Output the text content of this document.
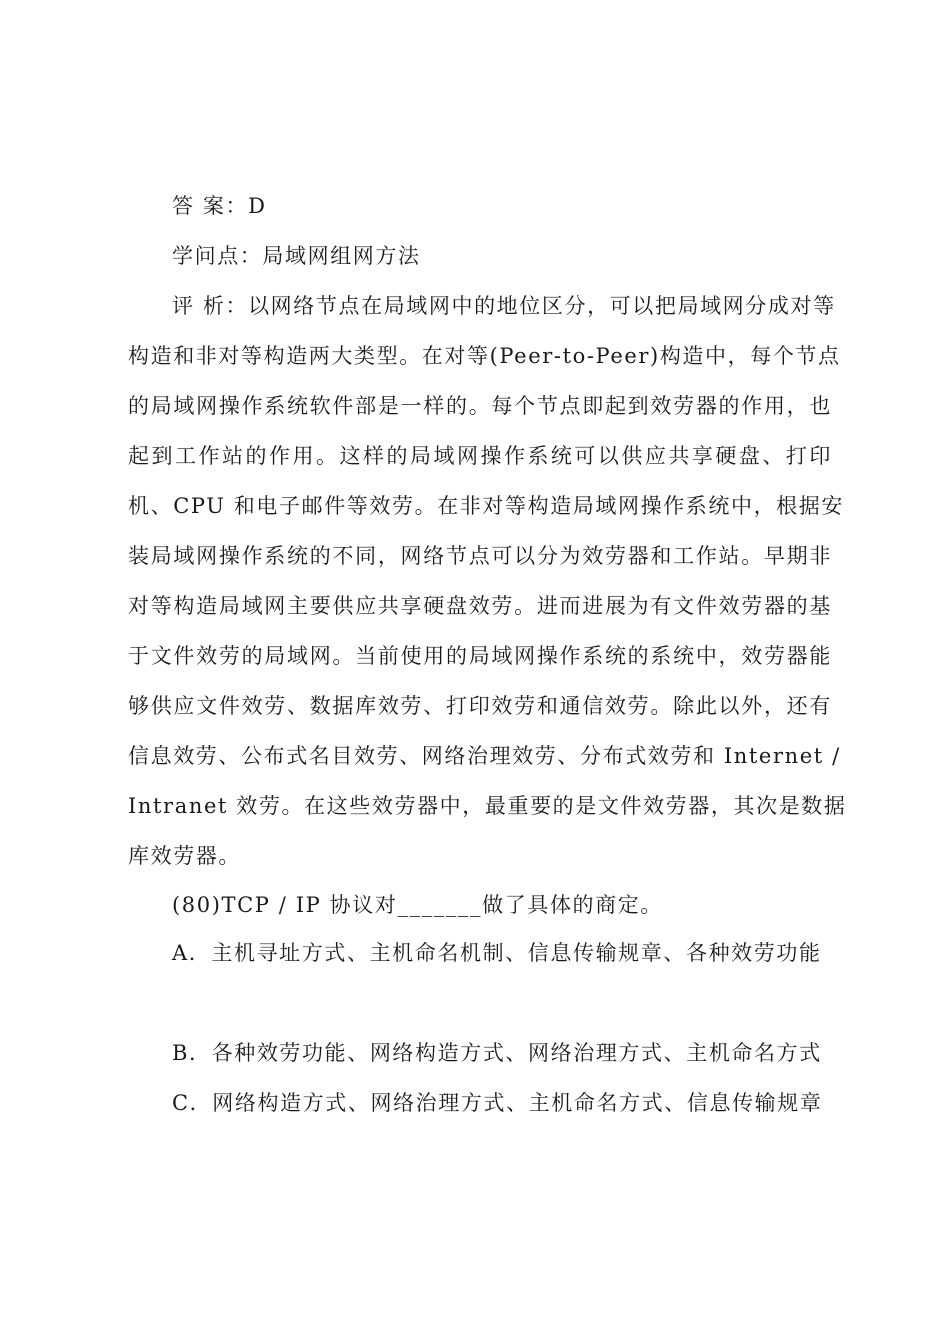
答 案：D
学问点：局域网组网方法
评 析：以网络节点在局域网中的地位区分，可以把局域网分成对等
构造和非对等构造两大类型。在对等(Peer-to-Peer)构造中，每个节点
的局域网操作系统软件部是一样的。每个节点即起到效劳器的作用，也
起到工作站的作用。这样的局域网操作系统可以供应共享硬盘、打印
机、CPU 和电子邮件等效劳。在非对等构造局域网操作系统中，根据安
装局域网操作系统的不同，网络节点可以分为效劳器和工作站。早期非
对等构造局域网主要供应共享硬盘效劳。进而进展为有文件效劳器的基
于文件效劳的局域网。当前使用的局域网操作系统的系统中，效劳器能
够供应文件效劳、数据库效劳、打印效劳和通信效劳。除此以外，还有
信息效劳、公布式名目效劳、网络治理效劳、分布式效劳和 Internet /
Intranet 效劳。在这些效劳器中，最重要的是文件效劳器，其次是数据
库效劳器。
(80)TCP / IP 协议对_______做了具体的商定。
A．主机寻址方式、主机命名机制、信息传输规章、各种效劳功能
B．各种效劳功能、网络构造方式、网络治理方式、主机命名方式
C．网络构造方式、网络治理方式、主机命名方式、信息传输规章
